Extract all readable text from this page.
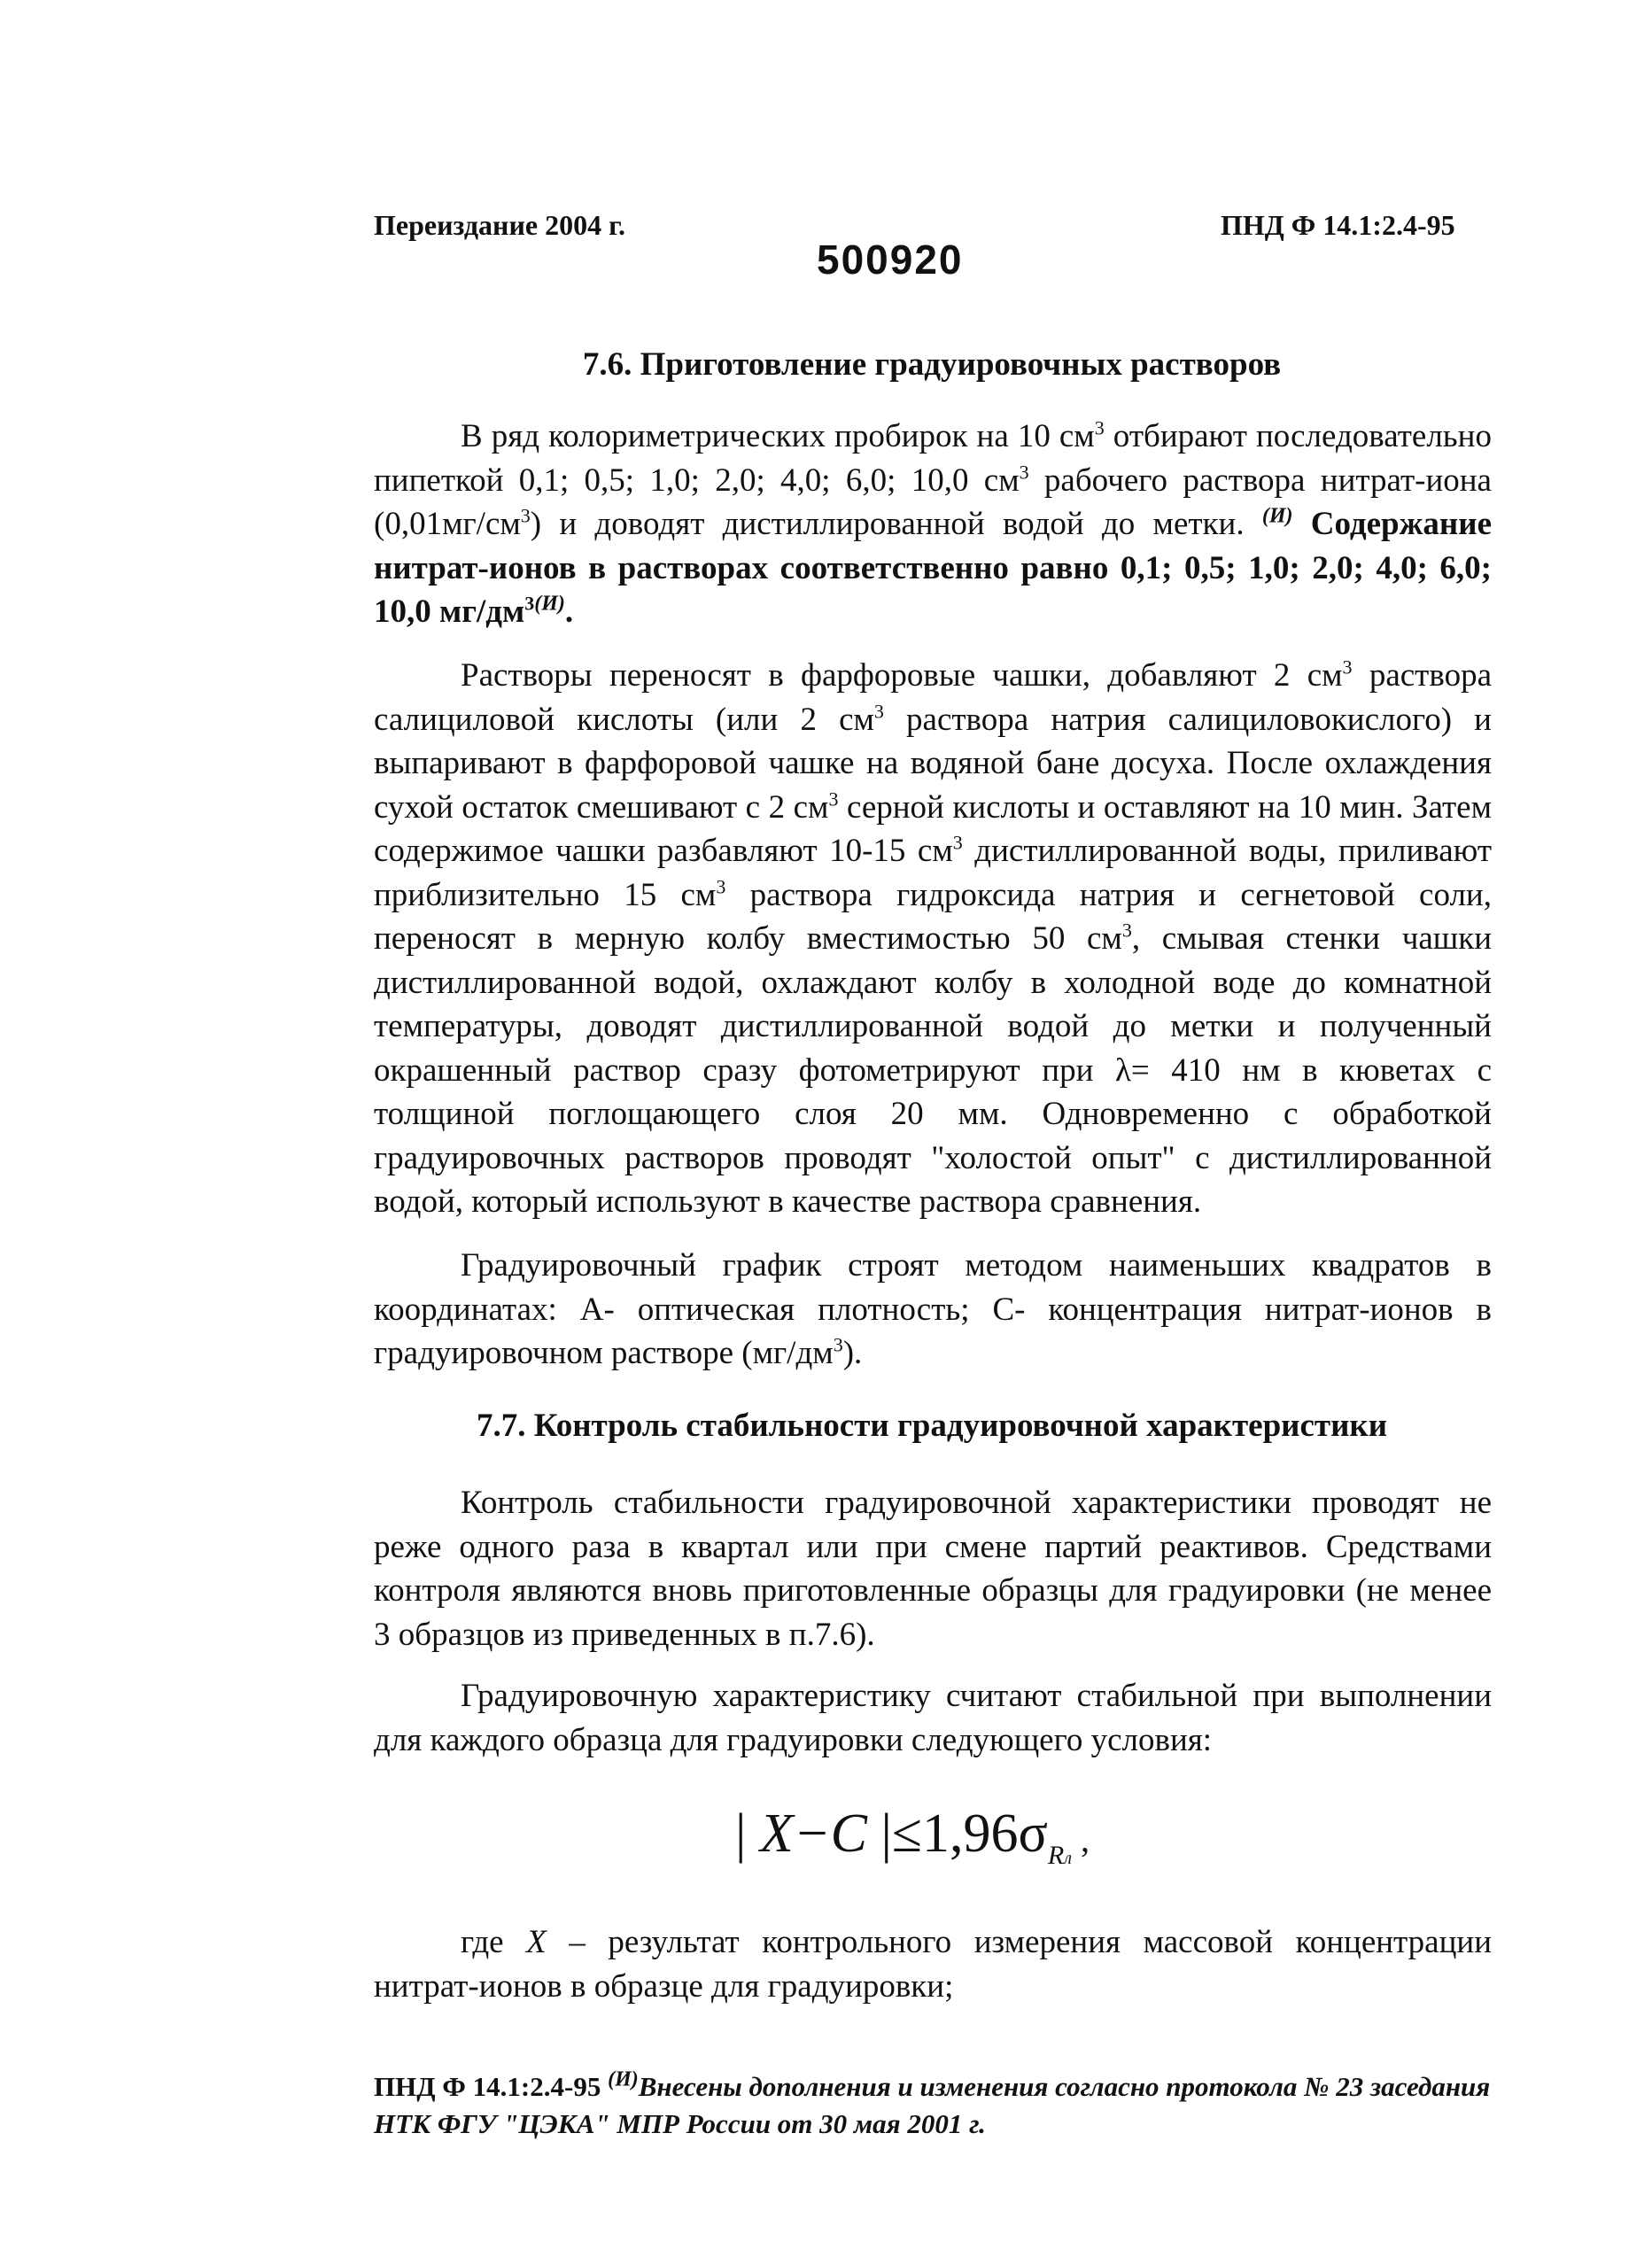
Переиздание 2004 г.
500920
ПНД Ф 14.1:2.4-95
7.6. Приготовление градуировочных растворов

В ряд колориметрических пробирок на 10 $см^3$ отбирают последовательно пипеткой 0,1; 0,5; 1,0; 2,0; 4,0; 6,0; 10,0 $см^3$ рабочего раствора нитрат-иона $(0,01мг/см^3)$ и доводят дистиллированной водой до метки. $^{(И)}$ Содержание нитрат-ионов в растворах соответственно равно 0,1; 0,5; 1,0; 2,0; 4,0; 6,0; 10,0 $мг/дм^{3(И)}$.

Растворы переносят в фарфоровые чашки, добавляют 2 $см^3$ раствора салициловой кислоты (или 2 $см^3$ раствора натрия салициловокислого) и выпаривают в фарфоровой чашке на водяной бане досуха. После охлаждения сухой остаток смешивают с 2 $см^3$ серной кислоты и оставляют на 10 мин. Затем содержимое чашки разбавляют 10-15 $см^3$ дистиллированной воды, приливают приблизительно 15 $см^3$ раствора гидроксида натрия и сегнетовой соли, переносят в мерную колбу вместимостью 50 $см^3$, смывая стенки чашки дистиллированной водой, охлаждают колбу в холодной воде до комнатной температуры, доводят дистиллированной водой до метки и полученный окрашенный раствор сразу фотометрируют при λ= 410 нм в кюветах с толщиной поглощающего слоя 20 мм. Одновременно с обработкой градуировочных растворов проводят "холостой опыт" с дистиллированной водой, который используют в качестве раствора сравнения.

Градуировочный график строят методом наименьших квадратов в координатах: А- оптическая плотность; С- концентрация нитрат-ионов в градуировочном растворе $(мг/дм^3)$.

7.7. Контроль стабильности градуировочной характеристики

Контроль стабильности градуировочной характеристики проводят не реже одного раза в квартал или при смене партий реактивов. Средствами контроля являются вновь приготовленные образцы для градуировки (не менее 3 образцов из приведенных в п.7.6).

Градуировочную характеристику считают стабильной при выполнении для каждого образца для градуировки следующего условия:

| X−C $|\le 1,96\sigma_{Rл}$ ,

где X – результат контрольного измерения массовой концентрации нитрат-ионов в образце для градуировки;

ПНД Ф 14.1:2.4-95 $^{(И)}$Внесены дополнения и изменения согласно протокола № 23 заседания НТК ФГУ "ЦЭКА" МПР России от 30 мая 2001 г.
